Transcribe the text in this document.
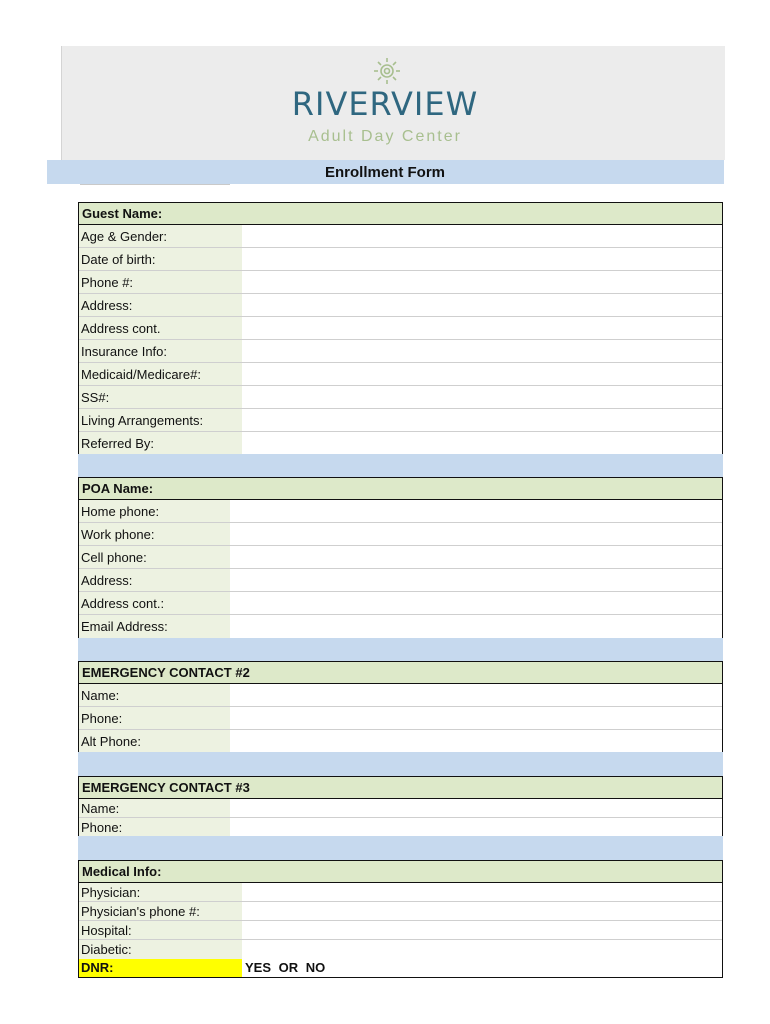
RIVERVIEW
Adult Day Center
Enrollment Form
Guest Name:
Age & Gender:
Date of birth:
Phone #:
Address:
Address cont.
Insurance Info:
Medicaid/Medicare#:
SS#:
Living Arrangements:
Referred By:
POA Name:
Home phone:
Work phone:
Cell phone:
Address:
Address cont.:
Email Address:
EMERGENCY CONTACT #2
Name:
Phone:
Alt Phone:
EMERGENCY CONTACT #3
Name:
Phone:
Medical Info:
Physician:
Physician's phone #:
Hospital:
Diabetic:
DNR:	YES OR NO
